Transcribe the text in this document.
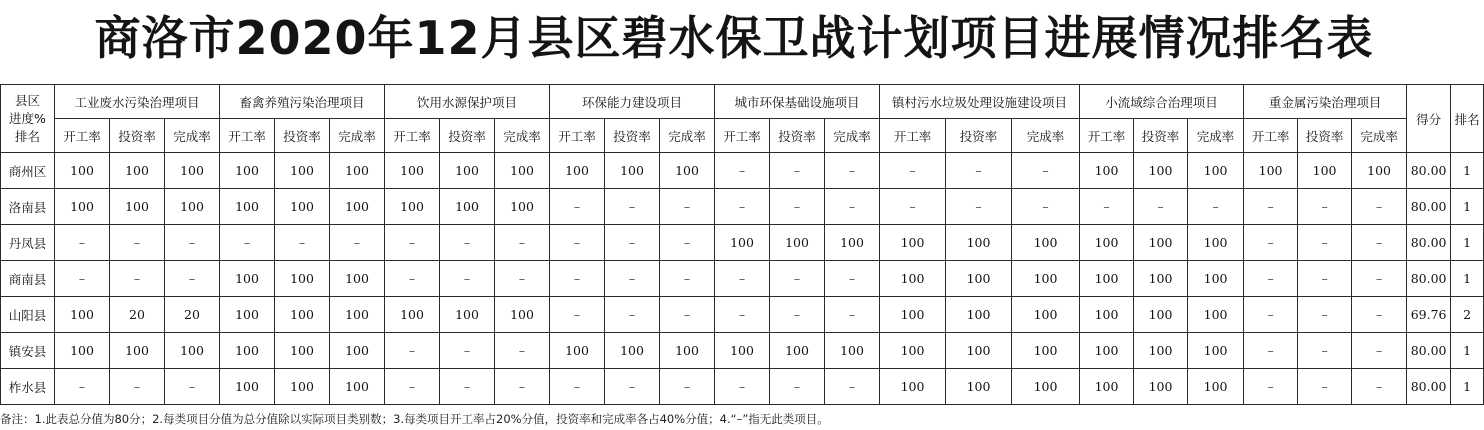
商洛市2020年12月县区碧水保卫战计划项目进展情况排名表
县区
进度%
排名	工业废水污染治理项目			畜禽养殖污染治理项目			饮用水源保护项目			环保能力建设项目			城市环保基础设施项目			镇村污水垃圾处理设施建设项目			小流域综合治理项目			重金属污染治理项目			得分	排名
	开工率	投资率	完成率	开工率	投资率	完成率	开工率	投资率	完成率	开工率	投资率	完成率	开工率	投资率	完成率	开工率	投资率	完成率	开工率	投资率	完成率	开工率	投资率	完成率		
商州区	100	100	100	100	100	100	100	100	100	100	100	100	–	–	–	–	–	–	100	100	100	100	100	100	80.00	1
洛南县	100	100	100	100	100	100	100	100	100	–	–	–	–	–	–	–	–	–	–	–	–	–	–	–	80.00	1
丹凤县	–	–	–	–	–	–	–	–	–	–	–	–	100	100	100	100	100	100	100	100	100	–	–	–	80.00	1
商南县	–	–	–	100	100	100	–	–	–	–	–	–	–	–	–	100	100	100	100	100	100	–	–	–	80.00	1
山阳县	100	20	20	100	100	100	100	100	100	–	–	–	–	–	–	100	100	100	100	100	100	–	–	–	69.76	2
镇安县	100	100	100	100	100	100	–	–	–	100	100	100	100	100	100	100	100	100	100	100	100	–	–	–	80.00	1
柞水县	–	–	–	100	100	100	–	–	–	–	–	–	–	–	–	100	100	100	100	100	100	–	–	–	80.00	1
备注：1.此表总分值为80分；2.每类项目分值为总分值除以实际项目类别数；3.每类项目开工率占20%分值，投资率和完成率各占40%分值；4.“–”指无此类项目。
